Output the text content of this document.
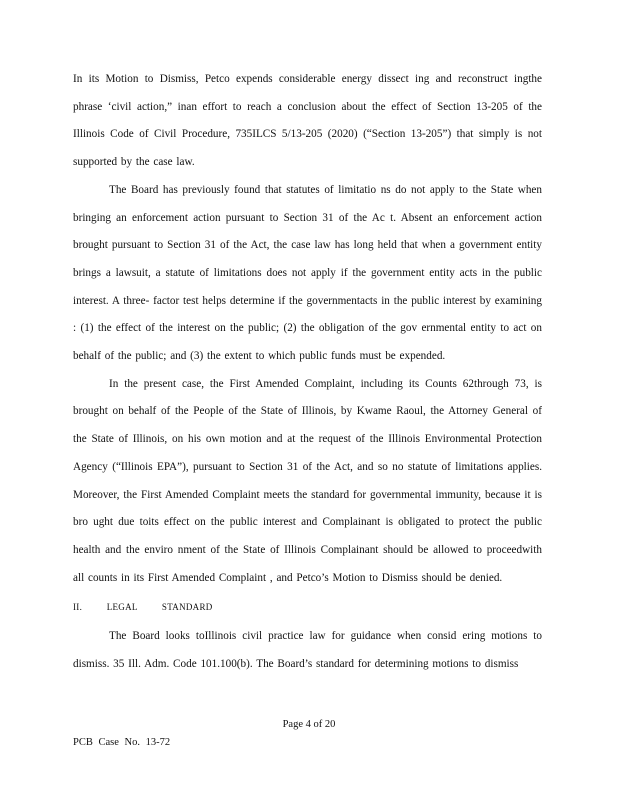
In its Motion to Dismiss, Petco expends considerable energy dissect ing and reconstruct ingthe phrase ‘civil action,” inan effort to reach a conclusion about the effect of Section 13-205 of the Illinois Code of Civil Procedure, 735ILCS 5/13-205 (2020) (“Section 13-205”) that simply is not supported by the case law.

The Board has previously found that statutes of limitatio ns do not apply to the State when bringing an enforcement action pursuant to Section 31 of the Ac t. Absent an enforcement action brought pursuant to Section 31 of the Act, the case law has long held that when a government entity brings a lawsuit, a statute of limitations does not apply if the government entity acts in the public interest. A three- factor test helps determine if the governmentacts in the public interest by examining : (1) the effect of the interest on the public; (2) the obligation of the gov ernmental entity to act on behalf of the public; and (3) the extent to which public funds must be expended.

In the present case, the First Amended Complaint, including its Counts 62through 73, is brought on behalf of the People of the State of Illinois, by Kwame Raoul, the Attorney General of the State of Illinois, on his own motion and at the request of the Illinois Environmental Protection Agency (“Illinois EPA”), pursuant to Section 31 of the Act, and so no statute of limitations applies. Moreover, the First Amended Complaint meets the standard for governmental immunity, because it is bro ught due toits effect on the public interest and Complainant is obligated to protect the public health and the enviro nment of the State of Illinois Complainant should be allowed to proceedwith all counts in its First Amended Complaint , and Petco’s Motion to Dismiss should be denied.

II. LEGAL STANDARD

The Board looks toIllinois civil practice law for guidance when consid ering motions to dismiss. 35 Ill. Adm. Code 101.100(b). The Board’s standard for determining motions to dismiss

Page 4 of 20
PCB Case No. 13-72
